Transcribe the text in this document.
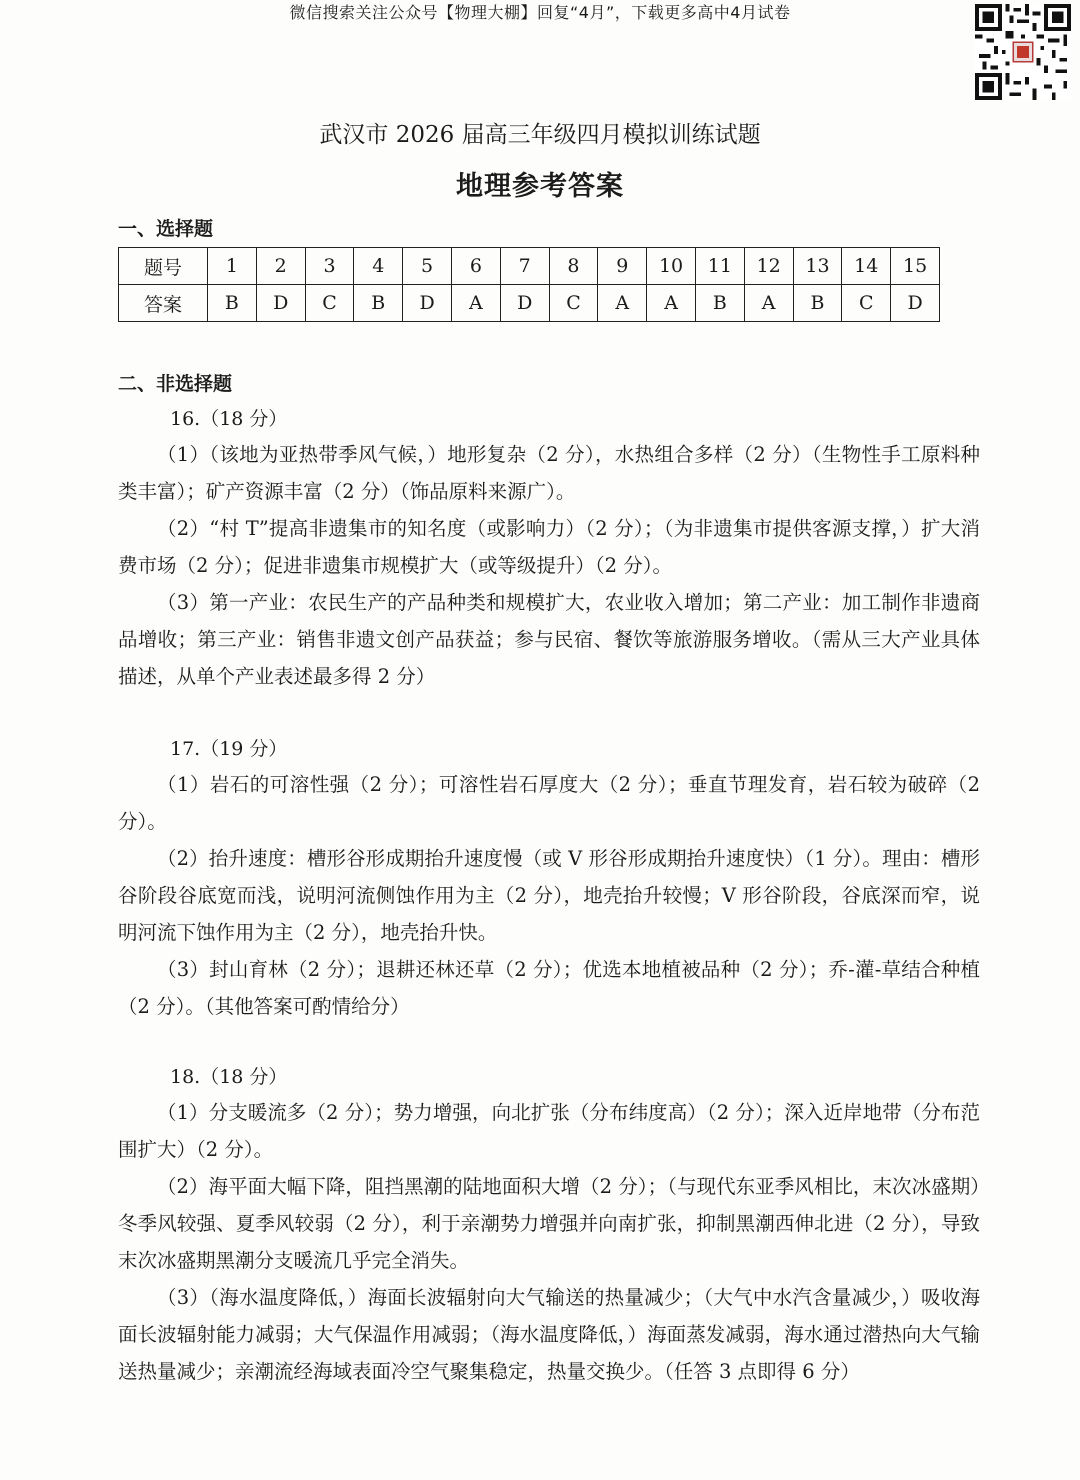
微信搜索关注公众号【物理大棚】回复“4月”，下载更多高中4月试卷
武汉市 2026 届高三年级四月模拟训练试题
地理参考答案
一、选择题
题号	1	2	3	4	5	6	7	8	9	10	11	12	13	14	15
答案	B	D	C	B	D	A	D	C	A	A	B	A	B	C	D
二、非选择题
16.（18 分）

（1）（该地为亚热带季风气候，）地形复杂（2 分），水热组合多样（2 分）（生物性手工原料种类丰富）；矿产资源丰富（2 分）（饰品原料来源广）。

（2）“村 T”提高非遗集市的知名度（或影响力）（2 分）；（为非遗集市提供客源支撑，）扩大消费市场（2 分）；促进非遗集市规模扩大（或等级提升）（2 分）。

（3）第一产业：农民生产的产品种类和规模扩大，农业收入增加；第二产业：加工制作非遗商品增收；第三产业：销售非遗文创产品获益；参与民宿、餐饮等旅游服务增收。（需从三大产业具体描述，从单个产业表述最多得 2 分）

17.（19 分）

（1）岩石的可溶性强（2 分）；可溶性岩石厚度大（2 分）；垂直节理发育，岩石较为破碎（2 分）。

（2）抬升速度：槽形谷形成期抬升速度慢（或 V 形谷形成期抬升速度快）（1 分）。理由：槽形谷阶段谷底宽而浅，说明河流侧蚀作用为主（2 分），地壳抬升较慢；V 形谷阶段，谷底深而窄，说明河流下蚀作用为主（2 分），地壳抬升快。

（3）封山育林（2 分）；退耕还林还草（2 分）；优选本地植被品种（2 分）；乔-灌-草结合种植（2 分）。（其他答案可酌情给分）

18.（18 分）

（1）分支暖流多（2 分）；势力增强，向北扩张（分布纬度高）（2 分）；深入近岸地带（分布范围扩大）（2 分）。

（2）海平面大幅下降，阻挡黑潮的陆地面积大增（2 分）；（与现代东亚季风相比，末次冰盛期）冬季风较强、夏季风较弱（2 分），利于亲潮势力增强并向南扩张，抑制黑潮西伸北进（2 分），导致末次冰盛期黑潮分支暖流几乎完全消失。

（3）（海水温度降低，）海面长波辐射向大气输送的热量减少；（大气中水汽含量减少，）吸收海面长波辐射能力减弱；大气保温作用减弱；（海水温度降低，）海面蒸发减弱，海水通过潜热向大气输送热量减少；亲潮流经海域表面冷空气聚集稳定，热量交换少。（任答 3 点即得 6 分）
